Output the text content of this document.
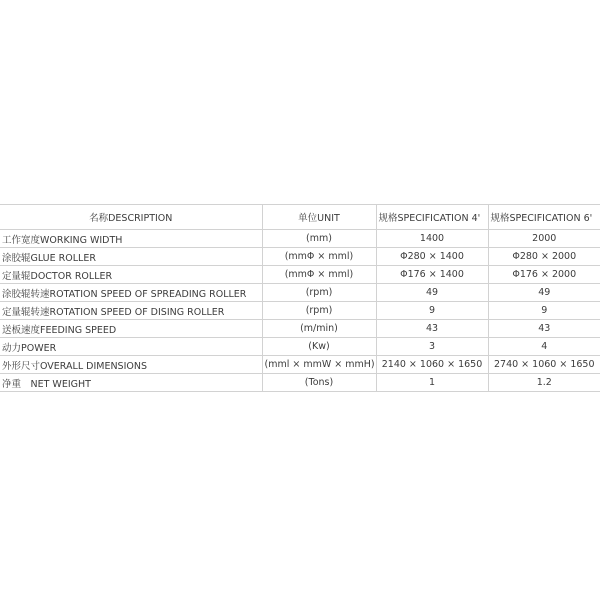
名称DESCRIPTION	单位UNIT	规格SPECIFICATION 4'	规格SPECIFICATION 6'
工作宽度WORKING WIDTH	(mm)	1400	2000
涂胶辊GLUE ROLLER	(mmΦ × mml)	Φ280 × 1400	Φ280 × 2000
定量辊DOCTOR ROLLER	(mmΦ × mml)	Φ176 × 1400	Φ176 × 2000
涂胶辊转速ROTATION SPEED OF SPREADING ROLLER	(rpm)	49	49
定量辊转速ROTATION SPEED OF DISING ROLLER	(rpm)	9	9
送板速度FEEDING SPEED	(m/min)	43	43
动力POWER	(Kw)	3	4
外形尺寸OVERALL DIMENSIONS	(mml × mmW × mmH)	2140 × 1060 × 1650	2740 × 1060 × 1650
净重　NET WEIGHT	(Tons)	1	1.2
